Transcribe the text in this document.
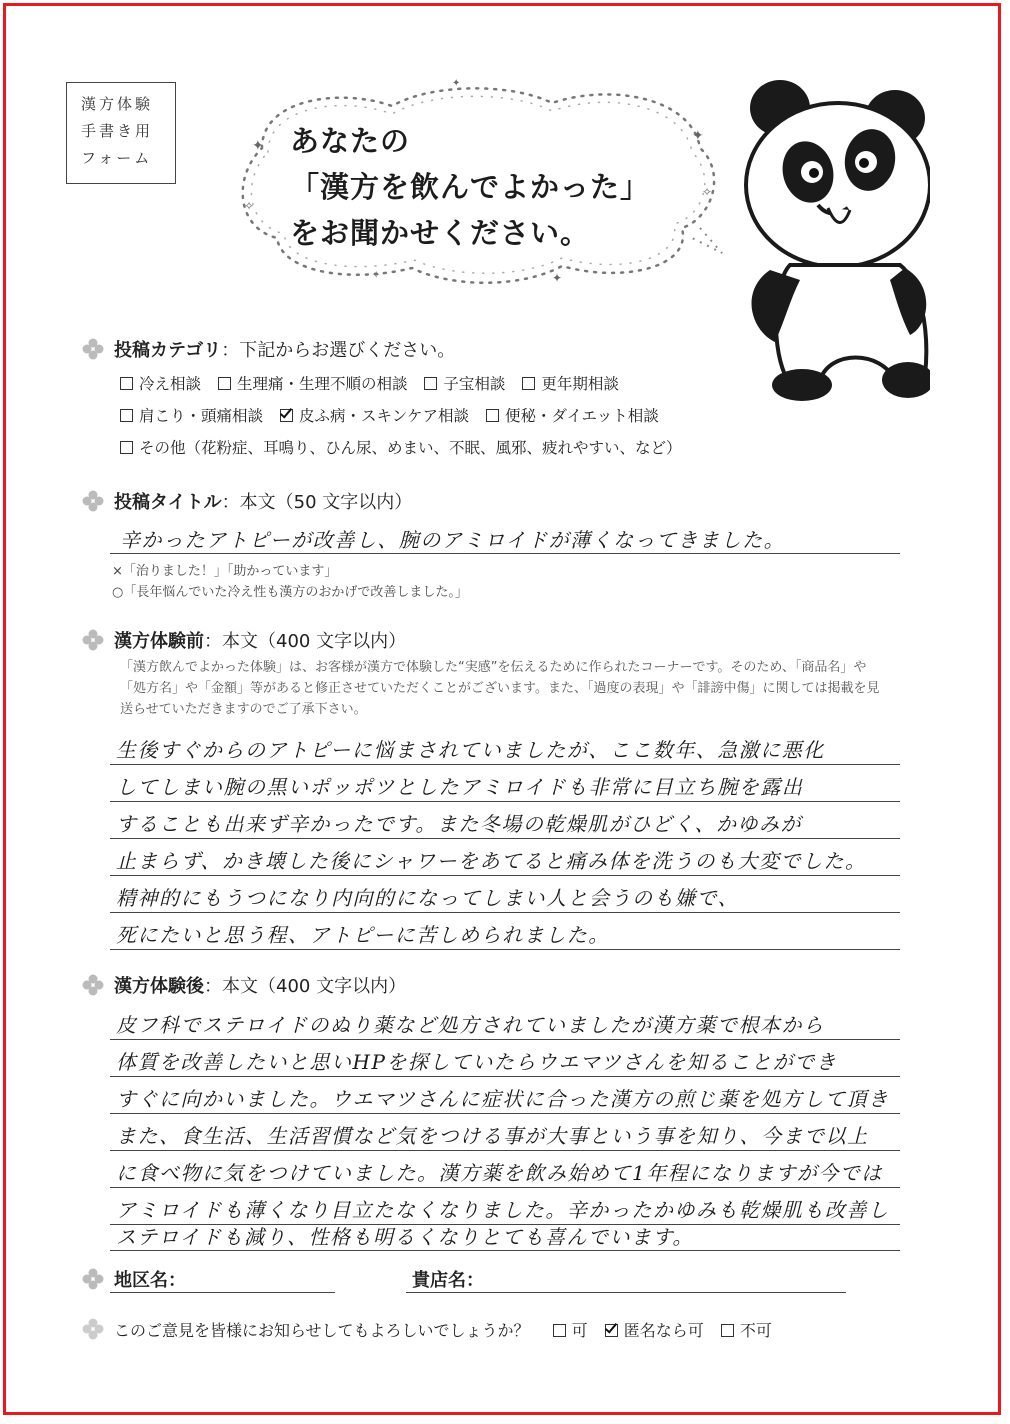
漢方体験
手書き用
フォーム
✦
✦
✧
✧
✦
✦
✧
あなたの
「漢方を飲んでよかった」
をお聞かせください。
投稿カテゴリ：下記からお選びください。
冷え相談 生理痛・生理不順の相談 子宝相談 更年期相談
肩こり・頭痛相談 皮ふ病・スキンケア相談 便秘・ダイエット相談
その他（花粉症、耳鳴り、ひん尿、めまい、不眠、風邪、疲れやすい、など）
投稿タイトル：本文（50 文字以内）
辛かったアトピーが改善し、腕のアミロイドが薄くなってきました。
×「治りました！」「助かっています」
○「長年悩んでいた冷え性も漢方のおかげで改善しました。」
漢方体験前：本文（400 文字以内）
「漢方飲んでよかった体験」は、お客様が漢方で体験した“実感”を伝えるために作られたコーナーです。そのため、「商品名」や「処方名」や「金額」等があると修正させていただくことがございます。また、「過度の表現」や「誹謗中傷」に関しては掲載を見送らせていただきますのでご了承下さい。
生後すぐからのアトピーに悩まされていましたが、ここ数年、急激に悪化
してしまい腕の黒いポッポツとしたアミロイドも非常に目立ち腕を露出
することも出来ず辛かったです。また冬場の乾燥肌がひどく、かゆみが
止まらず、かき壊した後にシャワーをあてると痛み体を洗うのも大変でした。
精神的にもうつになり内向的になってしまい人と会うのも嫌で、
死にたいと思う程、アトピーに苦しめられました。
漢方体験後：本文（400 文字以内）
皮フ科でステロイドのぬり薬など処方されていましたが漢方薬で根本から
体質を改善したいと思いHPを探していたらウエマツさんを知ることができ
すぐに向かいました。ウエマツさんに症状に合った漢方の煎じ薬を処方して頂き
また、食生活、生活習慣など気をつける事が大事という事を知り、今まで以上
に食べ物に気をつけていました。漢方薬を飲み始めて1年程になりますが今では
アミロイドも薄くなり目立たなくなりました。辛かったかゆみも乾燥肌も改善し
ステロイドも減り、性格も明るくなりとても喜んでいます。
地区名：	貴店名：
このご意見を皆様にお知らせしてもよろしいでしょうか？	可 匿名なら可 不可
